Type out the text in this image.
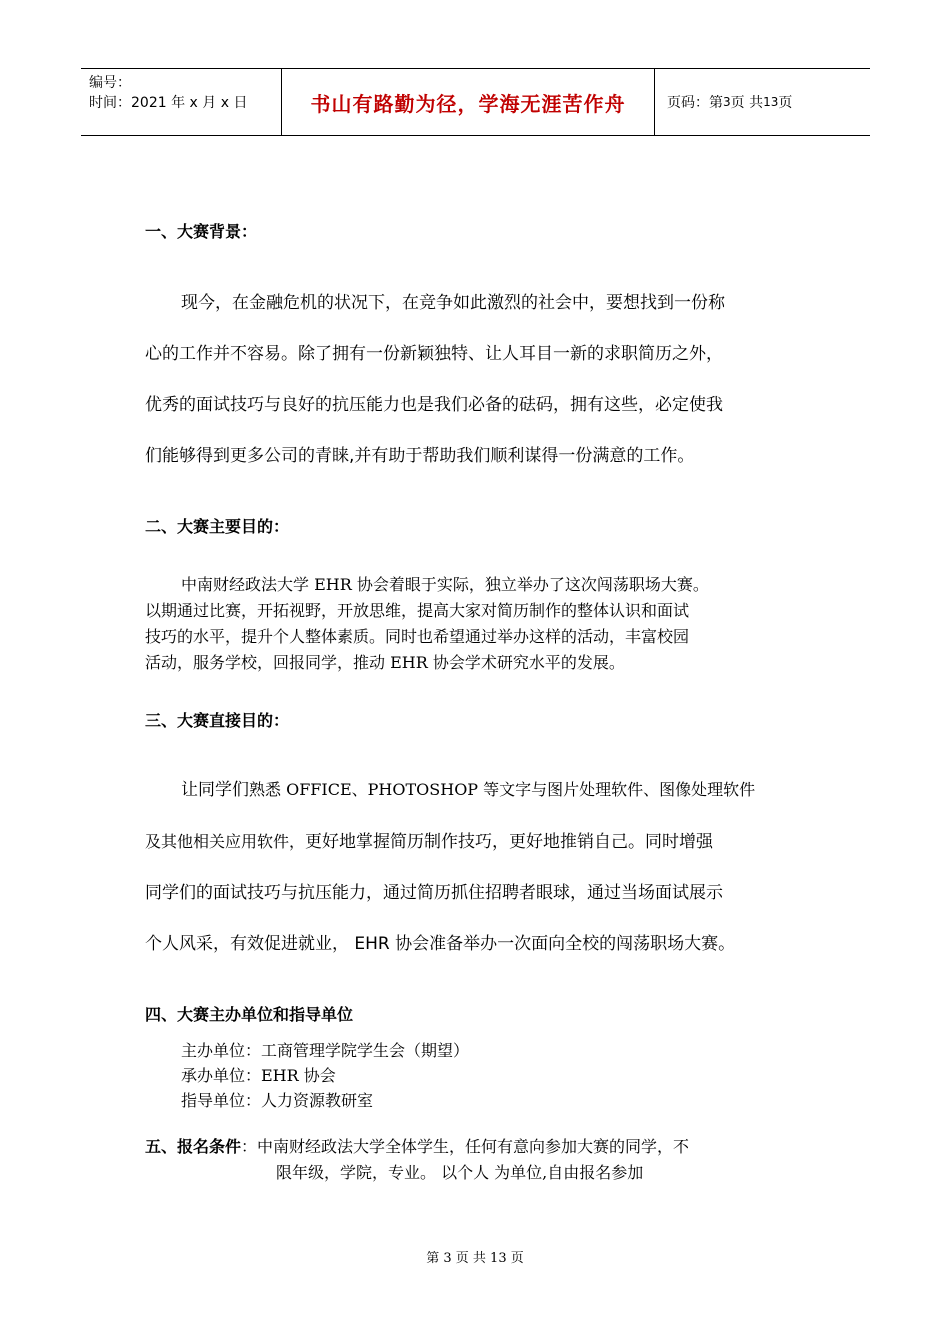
编号：
时间：2021 年 x 月 x 日	书山有路勤为径，学海无涯苦作舟	页码：第 3 页 共 13 页
一、大赛背景：
现今，在金融危机的状况下，在竞争如此激烈的社会中，要想找到一份称
心的工作并不容易。除了拥有一份新颖独特、让人耳目一新的求职简历之外，
优秀的面试技巧与良好的抗压能力也是我们必备的砝码，拥有这些，必定使我
们能够得到更多公司的青睐,并有助于帮助我们顺利谋得一份满意的工作。
二、大赛主要目的：
中南财经政法大学 EHR 协会着眼于实际，独立举办了这次闯荡职场大赛。
以期通过比赛，开拓视野，开放思维，提高大家对简历制作的整体认识和面试
技巧的水平，提升个人整体素质。同时也希望通过举办这样的活动，丰富校园
活动，服务学校，回报同学，推动 EHR 协会学术研究水平的发展。
三、大赛直接目的：
让同学们熟悉 OFFICE、PHOTOSHOP 等文字与图片处理软件、图像处理软件
及其他相关应用软件，更好地掌握简历制作技巧，更好地推销自己。同时增强
同学们的面试技巧与抗压能力，通过简历抓住招聘者眼球，通过当场面试展示
个人风采，有效促进就业， EHR 协会准备举办一次面向全校的闯荡职场大赛。
四、大赛主办单位和指导单位
主办单位：工商管理学院学生会（期望）
承办单位：EHR 协会
指导单位：人力资源教研室
五、报名条件：中南财经政法大学全体学生，任何有意向参加大赛的同学，不
限年级，学院，专业。 以个人 为单位,自由报名参加
第 3 页 共 13 页
